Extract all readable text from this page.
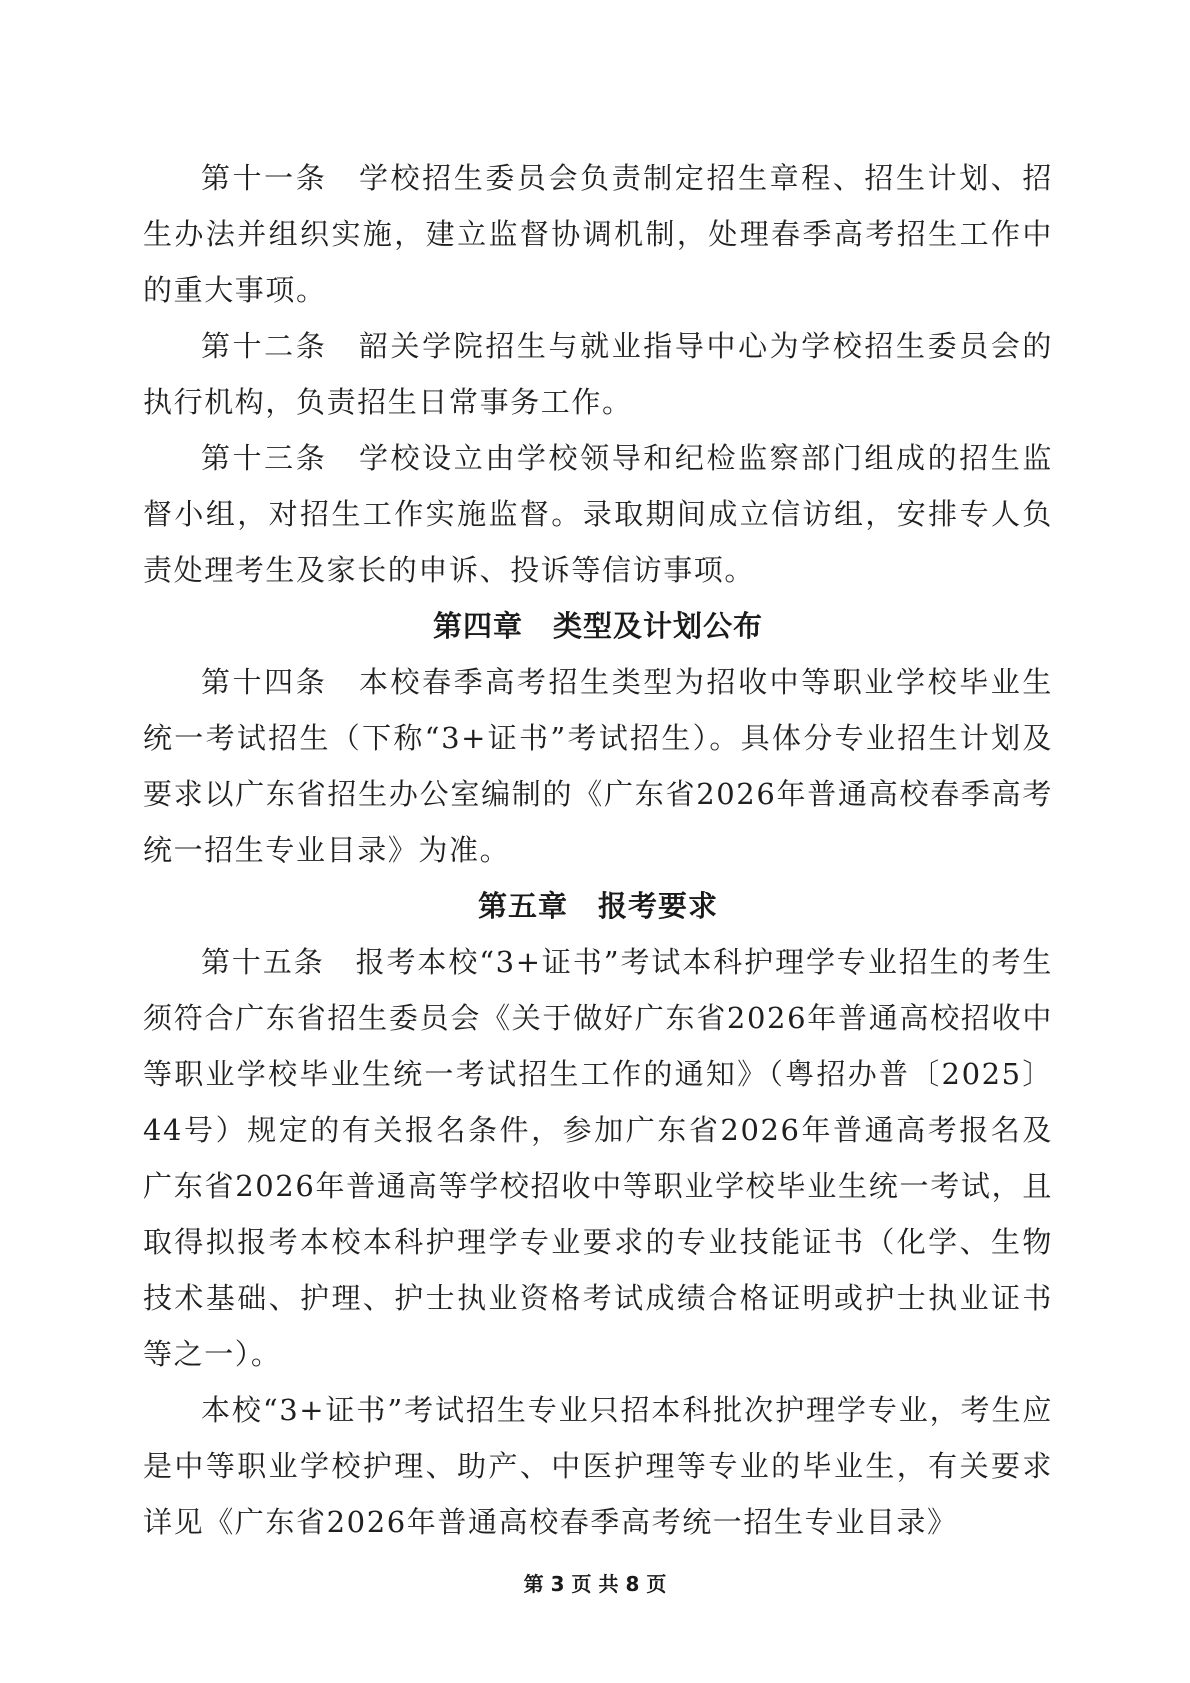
第十一条　学校招生委员会负责制定招生章程、招生计划、招生办法并组织实施，建立监督协调机制，处理春季高考招生工作中的重大事项。

第十二条　韶关学院招生与就业指导中心为学校招生委员会的执行机构，负责招生日常事务工作。

第十三条　学校设立由学校领导和纪检监察部门组成的招生监督小组，对招生工作实施监督。录取期间成立信访组，安排专人负责处理考生及家长的申诉、投诉等信访事项。

第四章　类型及计划公布

第十四条　本校春季高考招生类型为招收中等职业学校毕业生统一考试招生（下称“3+证书”考试招生）。具体分专业招生计划及要求以广东省招生办公室编制的《广东省2026年普通高校春季高考统一招生专业目录》为准。

第五章　报考要求

第十五条　报考本校“3+证书”考试本科护理学专业招生的考生须符合广东省招生委员会《关于做好广东省2026年普通高校招收中等职业学校毕业生统一考试招生工作的通知》（粤招办普〔2025〕44号）规定的有关报名条件，参加广东省2026年普通高考报名及广东省2026年普通高等学校招收中等职业学校毕业生统一考试，且取得拟报考本校本科护理学专业要求的专业技能证书（化学、生物技术基础、护理、护士执业资格考试成绩合格证明或护士执业证书等之一）。

本校“3+证书”考试招生专业只招本科批次护理学专业，考生应是中等职业学校护理、助产、中医护理等专业的毕业生，有关要求详见《广东省2026年普通高校春季高考统一招生专业目录》

第 3 页 共 8 页
